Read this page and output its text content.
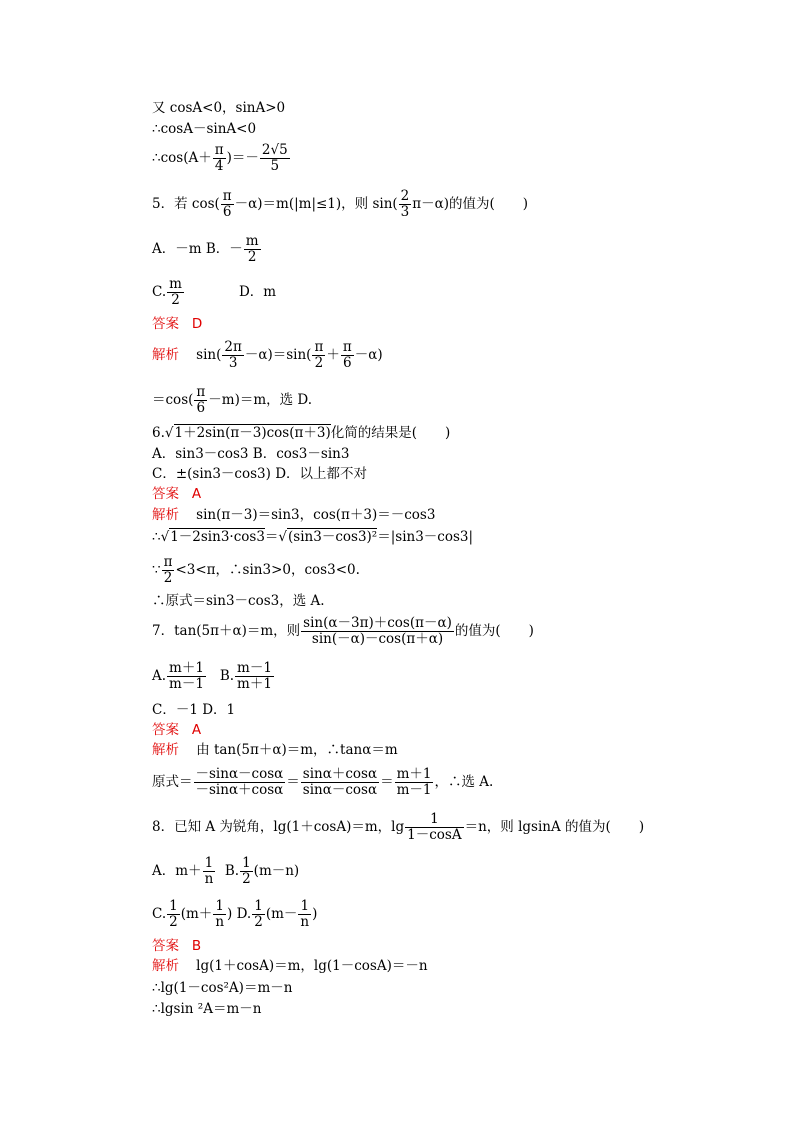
又 cosA<0，sinA>0
∴cosA－sinA<0
∴cos(A＋ $\frac{\pi}{4}$ )＝－ $\frac{2√5}{5}$
5．若 $\cos( \frac{\pi}{6} -\alpha)=m(|m|\le 1)$，则 $\sin( \frac{2}{3} \pi-\alpha)$的值为( )
A．－m B．－ $\frac{m}{2}$
C. $\frac{m}{2}$	D．m
答案 D
解析 $\sin( \frac{2\pi}{3} -\alpha)=\sin( \frac{\pi}{2} + \frac{\pi}{6} -\alpha)$
$=\cos( \frac{\pi}{6} -m)=m$，选 D.
6.√1＋2sin(π－3)cos(π＋3)化简的结果是( )
A．sin3－cos3 B．cos3－sin3
C．±(sin3－cos3) D．以上都不对
答案 A
解析 sin(π－3)＝sin3，cos(π＋3)＝－cos3
∴√1－2sin3·cos3＝√(sin3－cos3)²＝|sin3－cos3|
∵ $\frac{\pi}{2} <3<\pi$，∴sin3>0，cos3<0.
∴原式＝sin3－cos3，选 A.
7．tan(5π＋α)＝m，则 $\frac{\sin(\alpha-3\pi)+\cos(\pi-\alpha)}{\sin(-\alpha)-\cos(\pi+\alpha)}$ 的值为( )
A. $\frac{m+1}{m-1} B$. $\frac{m-1}{m+1}$
C．－1 D．1
答案 A
解析 由 tan(5π＋α)＝m，∴tanα＝m
原式＝ $\frac{-\sin\alpha-\cos\alpha}{-\sin\alpha+\cos\alpha} = \frac{\sin\alpha+\cos\alpha}{\sin\alpha-\cos\alpha} = \frac{m+1}{m-1}$ ，∴选 A.
8．已知 A 为锐角，lg(1＋cosA)＝m，$\lg \frac{1}{1-\cos A} =n$，则 lgsinA 的值为( )
A．$m+ \frac{1}{n} B$. $\frac{1}{2} (m-n)$
C. $\frac{1}{2} (m+ \frac{1}{n}$ ) D. $\frac{1}{2} (m- \frac{1}{n}$ )
答案 B
解析 lg(1＋cosA)＝m，lg(1－cosA)＝－n
∴lg(1－cos²A)＝m－n
∴lgsin ²A＝m－n
